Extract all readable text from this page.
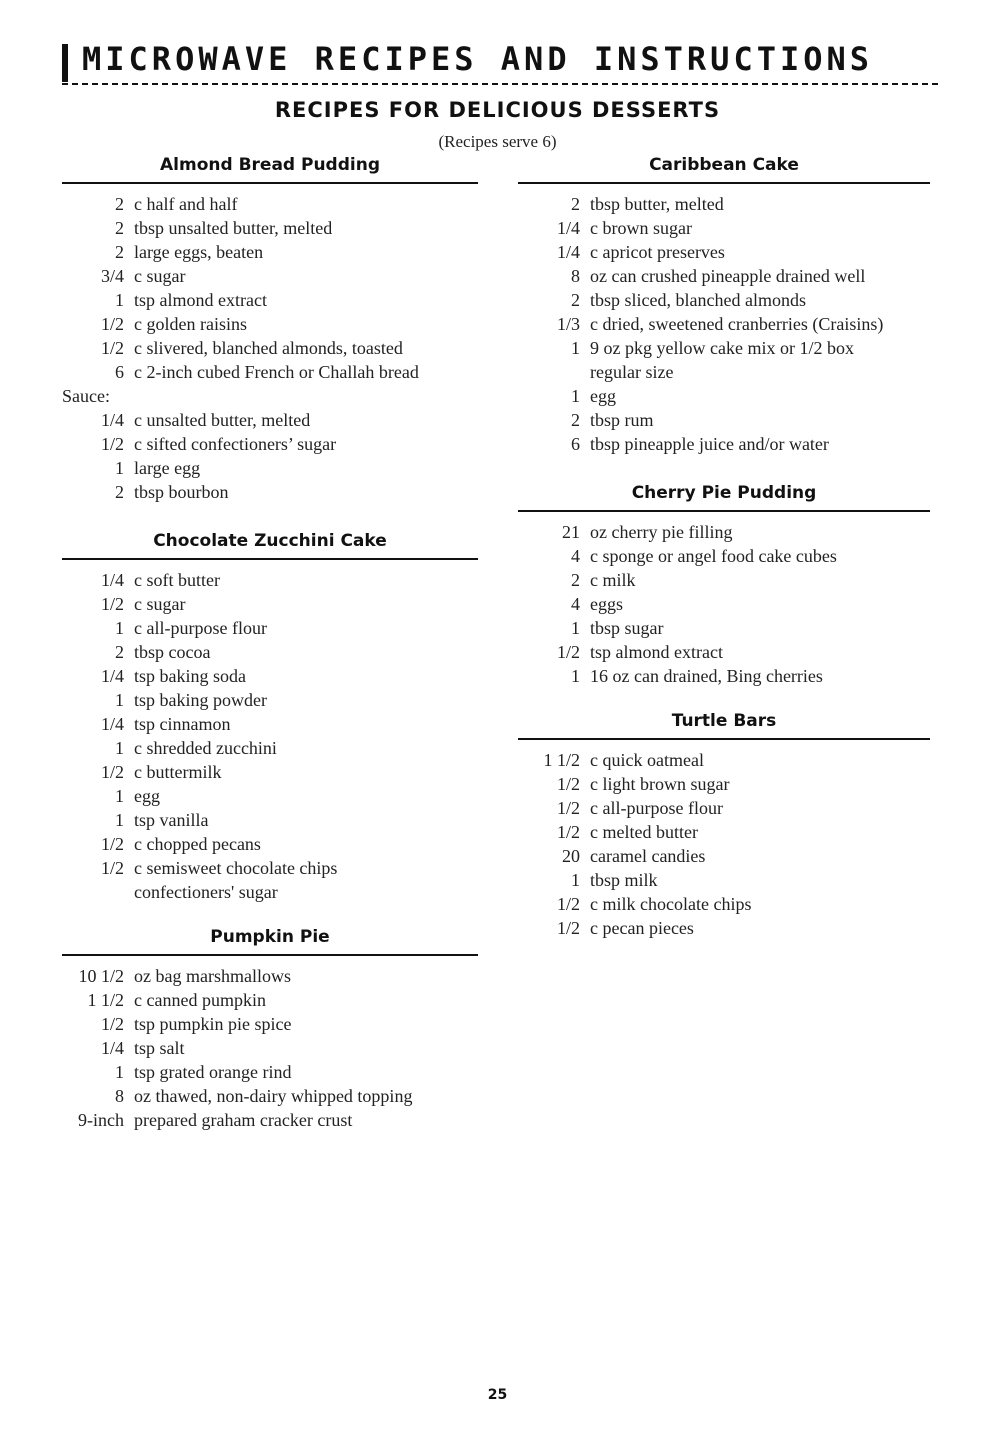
MICROWAVE RECIPES AND INSTRUCTIONS
RECIPES FOR DELICIOUS DESSERTS
(Recipes serve 6)
Almond Bread Pudding
2 c half and half
2 tbsp unsalted butter, melted
2 large eggs, beaten
3/4 c sugar
1 tsp almond extract
1/2 c golden raisins
1/2 c slivered, blanched almonds, toasted
6 c 2-inch cubed French or Challah bread
Sauce:
1/4 c unsalted butter, melted
1/2 c sifted confectioners’ sugar
1 large egg
2 tbsp bourbon
Chocolate Zucchini Cake
1/4 c soft butter
1/2 c sugar
1 c all-purpose flour
2 tbsp cocoa
1/4 tsp baking soda
1 tsp baking powder
1/4 tsp cinnamon
1 c shredded zucchini
1/2 c buttermilk
1 egg
1 tsp vanilla
1/2 c chopped pecans
1/2 c semisweet chocolate chips
confectioners' sugar
Pumpkin Pie
10 1/2 oz bag marshmallows
1 1/2 c canned pumpkin
1/2 tsp pumpkin pie spice
1/4 tsp salt
1 tsp grated orange rind
8 oz thawed, non-dairy whipped topping
9-inch prepared graham cracker crust
Caribbean Cake
2 tbsp butter, melted
1/4 c brown sugar
1/4 c apricot preserves
8 oz can crushed pineapple drained well
2 tbsp sliced, blanched almonds
1/3 c dried, sweetened cranberries (Craisins)
1 9 oz pkg yellow cake mix or 1/2 box
regular size
1 egg
2 tbsp rum
6 tbsp pineapple juice and/or water
Cherry Pie Pudding
21 oz cherry pie filling
4 c sponge or angel food cake cubes
2 c milk
4 eggs
1 tbsp sugar
1/2 tsp almond extract
1 16 oz can drained, Bing cherries
Turtle Bars
1 1/2 c quick oatmeal
1/2 c light brown sugar
1/2 c all-purpose flour
1/2 c melted butter
20 caramel candies
1 tbsp milk
1/2 c milk chocolate chips
1/2 c pecan pieces
25
